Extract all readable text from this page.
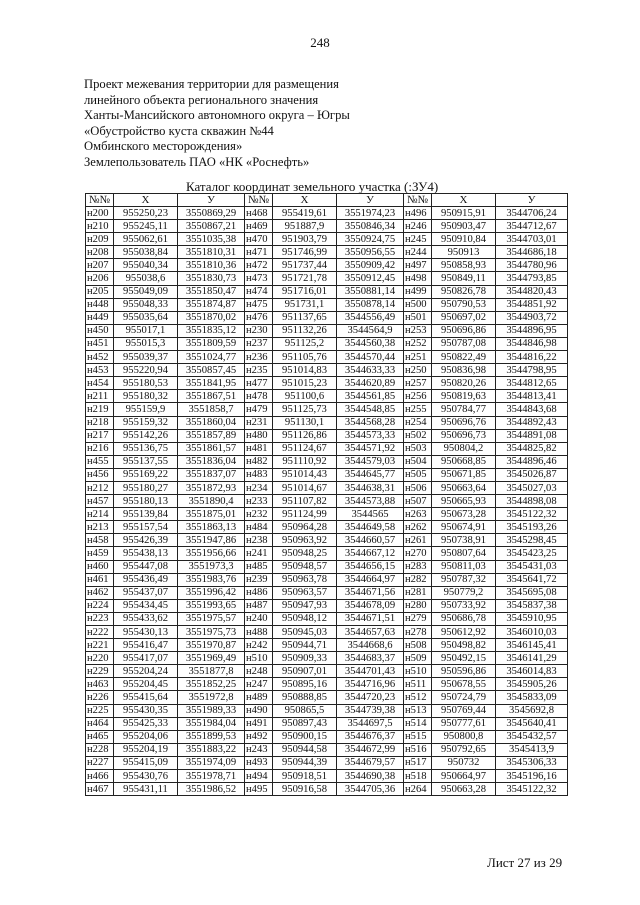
248
Проект межевания территории для размещения
линейного объекта регионального значения
Ханты-Мансийского автономного округа – Югры
«Обустройство куста скважин №44
Омбинского месторождения»
Землепользователь ПАО «НК «Роснефть»
Каталог координат земельного участка (:ЗУ4)
№№	X	У	№№	X	У	№№	X	У
н200	955250,23	3550869,29	н468	955419,61	3551974,23	н496	950915,91	3544706,24
н210	955245,11	3550867,21	н469	951887,9	3550846,34	н246	950903,47	3544712,67
н209	955062,61	3551035,38	н470	951903,79	3550924,75	н245	950910,84	3544703,01
н208	955038,84	3551810,31	н471	951746,99	3550956,55	н244	950913	3544686,18
н207	955040,34	3551810,36	н472	951737,44	3550909,42	н497	950858,93	3544780,96
н206	955038,6	3551830,73	н473	951721,78	3550912,45	н498	950849,11	3544793,85
н205	955049,09	3551850,47	н474	951716,01	3550881,14	н499	950826,78	3544820,43
н448	955048,33	3551874,87	н475	951731,1	3550878,14	н500	950790,53	3544851,92
н449	955035,64	3551870,02	н476	951137,65	3544556,49	н501	950697,02	3544903,72
н450	955017,1	3551835,12	н230	951132,26	3544564,9	н253	950696,86	3544896,95
н451	955015,3	3551809,59	н237	951125,2	3544560,38	н252	950787,08	3544846,98
н452	955039,37	3551024,77	н236	951105,76	3544570,44	н251	950822,49	3544816,22
н453	955220,94	3550857,45	н235	951014,83	3544633,33	н250	950836,98	3544798,95
н454	955180,53	3551841,95	н477	951015,23	3544620,89	н257	950820,26	3544812,65
н211	955180,32	3551867,51	н478	951100,6	3544561,85	н256	950819,63	3544813,41
н219	955159,9	3551858,7	н479	951125,73	3544548,85	н255	950784,77	3544843,68
н218	955159,32	3551860,04	н231	951130,1	3544568,28	н254	950696,76	3544892,43
н217	955142,26	3551857,89	н480	951126,86	3544573,33	н502	950696,73	3544891,08
н216	955136,75	3551861,57	н481	951124,67	3544571,92	н503	950804,2	3544825,82
н455	955137,55	3551836,04	н482	951110,92	3544579,03	н504	950668,85	3544896,46
н456	955169,22	3551837,07	н483	951014,43	3544645,77	н505	950671,85	3545026,87
н212	955180,27	3551872,93	н234	951014,67	3544638,31	н506	950663,64	3545027,03
н457	955180,13	3551890,4	н233	951107,82	3544573,88	н507	950665,93	3544898,08
н214	955139,84	3551875,01	н232	951124,99	3544565	н263	950673,28	3545122,32
н213	955157,54	3551863,13	н484	950964,28	3544649,58	н262	950674,91	3545193,26
н458	955426,39	3551947,86	н238	950963,92	3544660,57	н261	950738,91	3545298,45
н459	955438,13	3551956,66	н241	950948,25	3544667,12	н270	950807,64	3545423,25
н460	955447,08	3551973,3	н485	950948,57	3544656,15	н283	950811,03	3545431,03
н461	955436,49	3551983,76	н239	950963,78	3544664,97	н282	950787,32	3545641,72
н462	955437,07	3551996,42	н486	950963,57	3544671,56	н281	950779,2	3545695,08
н224	955434,45	3551993,65	н487	950947,93	3544678,09	н280	950733,92	3545837,38
н223	955433,62	3551975,57	н240	950948,12	3544671,51	н279	950686,78	3545910,95
н222	955430,13	3551975,73	н488	950945,03	3544657,63	н278	950612,92	3546010,03
н221	955416,47	3551970,87	н242	950944,71	3544668,6	н508	950498,82	3546145,41
н220	955417,07	3551969,49	н510	950909,33	3544683,37	н509	950492,15	3546141,29
н229	955204,24	3551877,8	н248	950907,01	3544701,43	н510	950596,86	3546014,83
н463	955204,45	3551852,25	н247	950895,16	3544716,96	н511	950678,55	3545905,26
н226	955415,64	3551972,8	н489	950888,85	3544720,23	н512	950724,79	3545833,09
н225	955430,35	3551989,33	н490	950865,5	3544739,38	н513	950769,44	3545692,8
н464	955425,33	3551984,04	н491	950897,43	3544697,5	н514	950777,61	3545640,41
н465	955204,06	3551899,53	н492	950900,15	3544676,37	н515	950800,8	3545432,57
н228	955204,19	3551883,22	н243	950944,58	3544672,99	н516	950792,65	3545413,9
н227	955415,09	3551974,09	н493	950944,39	3544679,57	н517	950732	3545306,33
н466	955430,76	3551978,71	н494	950918,51	3544690,38	н518	950664,97	3545196,16
н467	955431,11	3551986,52	н495	950916,58	3544705,36	н264	950663,28	3545122,32
Лист 27 из 29
